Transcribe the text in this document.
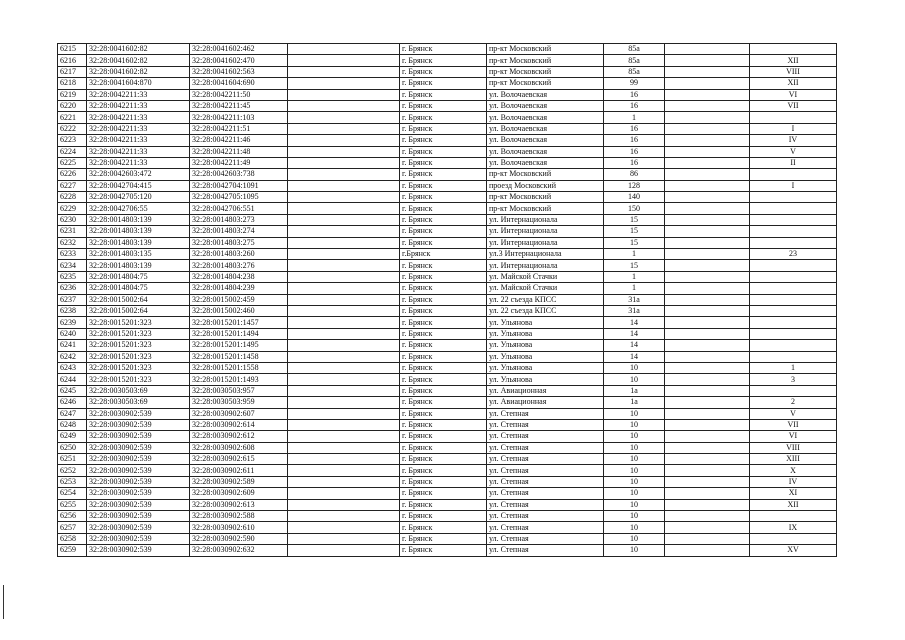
6215	32:28:0041602:82	32:28:0041602:462		г. Брянск	пр-кт Московский	85а		
6216	32:28:0041602:82	32:28:0041602:470		г. Брянск	пр-кт Московский	85а		XII
6217	32:28:0041602:82	32:28:0041602:563		г. Брянск	пр-кт Московский	85а		VIII
6218	32:28:0041604:870	32:28:0041604:690		г. Брянск	пр-кт Московский	99		XII
6219	32:28:0042211:33	32:28:0042211:50		г. Брянск	ул. Волочаевская	16		VI
6220	32:28:0042211:33	32:28:0042211:45		г. Брянск	ул. Волочаевская	16		VII
6221	32:28:0042211:33	32:28:0042211:103		г. Брянск	ул. Волочаевская	1		
6222	32:28:0042211:33	32:28:0042211:51		г. Брянск	ул. Волочаевская	16		I
6223	32:28:0042211:33	32:28:0042211:46		г. Брянск	ул. Волочаевская	16		IV
6224	32:28:0042211:33	32:28:0042211:48		г. Брянск	ул. Волочаевская	16		V
6225	32:28:0042211:33	32:28:0042211:49		г. Брянск	ул. Волочаевская	16		II
6226	32:28:0042603:472	32:28:0042603:738		г. Брянск	пр-кт Московский	86		
6227	32:28:0042704:415	32:28:0042704:1091		г. Брянск	проезд Московский	128		I
6228	32:28:0042705:120	32:28:0042705:1095		г. Брянск	пр-кт Московский	140		
6229	32:28:0042706:55	32:28:0042706:551		г. Брянск	пр-кт Московский	150		
6230	32:28:0014803:139	32:28:0014803:273		г. Брянск	ул. Интернационала	15		
6231	32:28:0014803:139	32:28:0014803:274		г. Брянск	ул. Интернационала	15		
6232	32:28:0014803:139	32:28:0014803:275		г. Брянск	ул. Интернационала	15		
6233	32:28:0014803:135	32:28:0014803:260		г.Брянск	ул.3 Интернационала	1		23
6234	32:28:0014803:139	32:28:0014803:276		г. Брянск	ул. Интернационала	15		
6235	32:28:0014804:75	32:28:0014804:238		г. Брянск	ул. Майской Стачки	1		
6236	32:28:0014804:75	32:28:0014804:239		г. Брянск	ул. Майской Стачки	1		
6237	32:28:0015002:64	32:28:0015002:459		г. Брянск	ул. 22 съезда КПСС	31а		
6238	32:28:0015002:64	32:28:0015002:460		г. Брянск	ул. 22 съезда КПСС	31а		
6239	32:28:0015201:323	32:28:0015201:1457		г. Брянск	ул. Ульянова	14		
6240	32:28:0015201:323	32:28:0015201:1494		г. Брянск	ул. Ульянова	14		
6241	32:28:0015201:323	32:28:0015201:1495		г. Брянск	ул. Ульянова	14		
6242	32:28:0015201:323	32:28:0015201:1458		г. Брянск	ул. Ульянова	14		
6243	32:28:0015201:323	32:28:0015201:1558		г. Брянск	ул. Ульянова	10		1
6244	32:28:0015201:323	32:28:0015201:1493		г. Брянск	ул. Ульянова	10		3
6245	32:28:0030503:69	32:28:0030503:957		г. Брянск	ул. Авиационная	1а		
6246	32:28:0030503:69	32:28:0030503:959		г. Брянск	ул. Авиационная	1а		2
6247	32:28:0030902:539	32:28:0030902:607		г. Брянск	ул. Степная	10		V
6248	32:28:0030902:539	32:28:0030902:614		г. Брянск	ул. Степная	10		VII
6249	32:28:0030902:539	32:28:0030902:612		г. Брянск	ул. Степная	10		VI
6250	32:28:0030902:539	32:28:0030902:608		г. Брянск	ул. Степная	10		VIII
6251	32:28:0030902:539	32:28:0030902:615		г. Брянск	ул. Степная	10		XIII
6252	32:28:0030902:539	32:28:0030902:611		г. Брянск	ул. Степная	10		X
6253	32:28:0030902:539	32:28:0030902:589		г. Брянск	ул. Степная	10		IV
6254	32:28:0030902:539	32:28:0030902:609		г. Брянск	ул. Степная	10		XI
6255	32:28:0030902:539	32:28:0030902:613		г. Брянск	ул. Степная	10		XII
6256	32:28:0030902:539	32:28:0030902:588		г. Брянск	ул. Степная	10		
6257	32:28:0030902:539	32:28:0030902:610		г. Брянск	ул. Степная	10		IX
6258	32:28:0030902:539	32:28:0030902:590		г. Брянск	ул. Степная	10		
6259	32:28:0030902:539	32:28:0030902:632		г. Брянск	ул. Степная	10		XV
